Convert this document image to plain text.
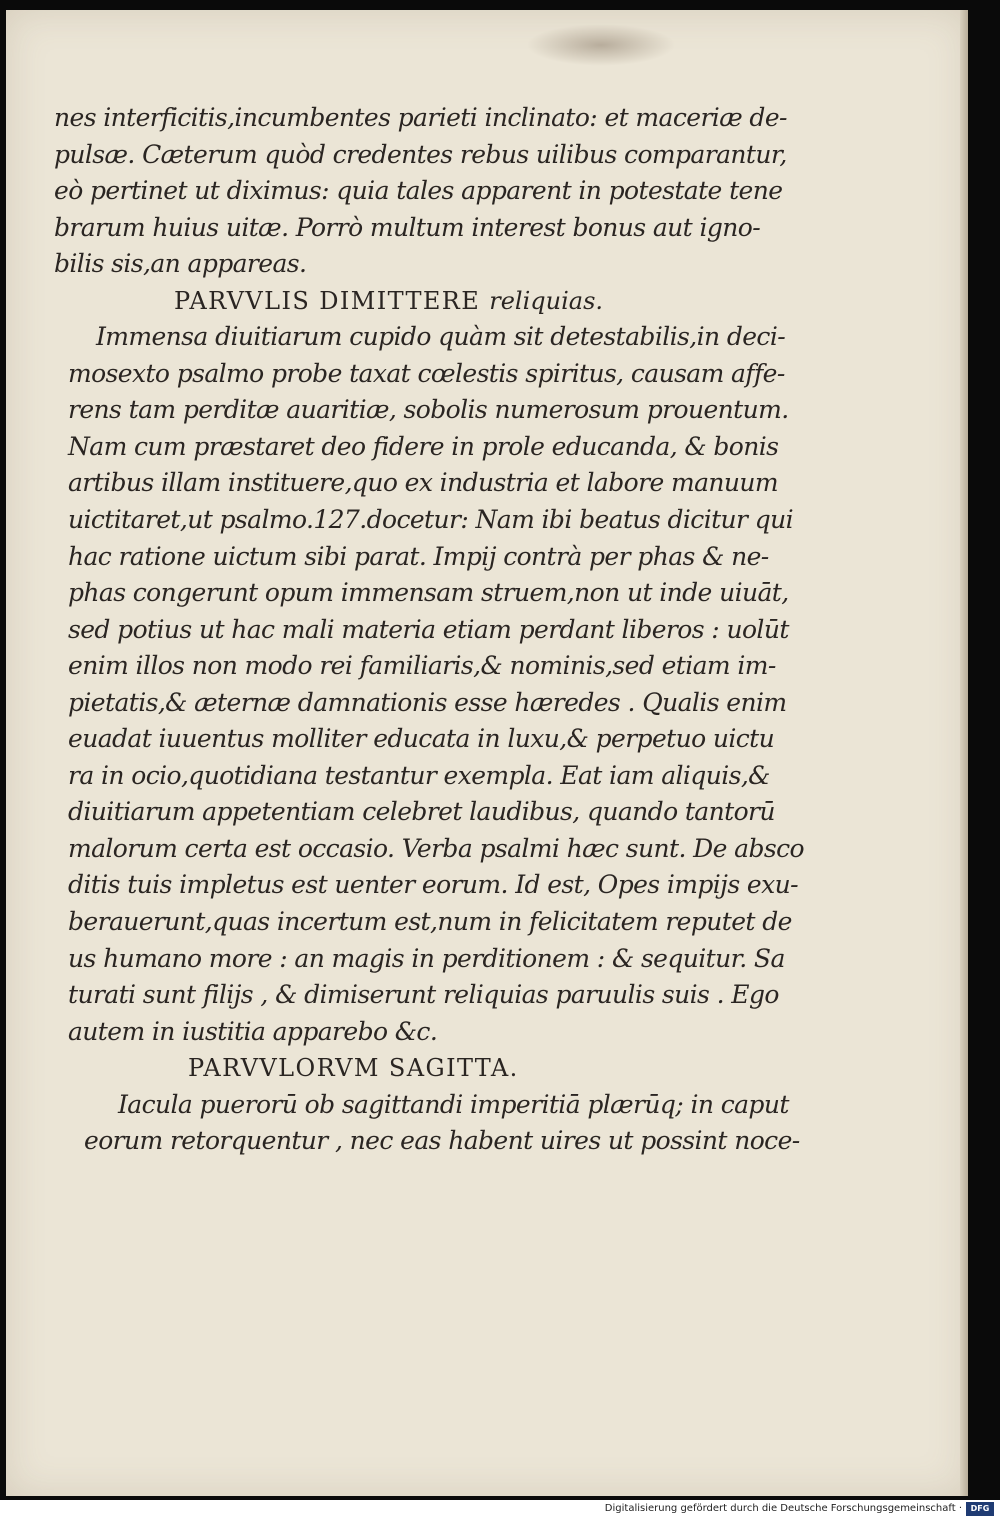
nes interficitis,incumbentes parieti inclinato: et maceriæ de-
pulsæ. Cæterum quòd credentes rebus uilibus comparantur,
eò pertinet ut diximus: quia tales apparent in potestate tene
brarum huius uitæ. Porrò multum interest bonus aut igno-
bilis sis,an appareas.
PARVVLIS DIMITTERE reliquias.
Immensa diuitiarum cupido quàm sit detestabilis,in deci-
mosexto psalmo probe taxat cœlestis spiritus, causam affe-
rens tam perditæ auaritiæ, sobolis numerosum prouentum.
Nam cum præstaret deo fidere in prole educanda, & bonis
artibus illam instituere,quo ex industria et labore manuum
uictitaret,ut psalmo.127.docetur: Nam ibi beatus dicitur qui
hac ratione uictum sibi parat. Impij contrà per phas & ne-
phas congerunt opum immensam struem,non ut inde uiuāt,
sed potius ut hac mali materia etiam perdant liberos : uolūt
enim illos non modo rei familiaris,& nominis,sed etiam im-
pietatis,& æternæ damnationis esse hæredes . Qualis enim
euadat iuuentus molliter educata in luxu,& perpetuo uictu
ra in ocio,quotidiana testantur exempla. Eat iam aliquis,&
diuitiarum appetentiam celebret laudibus, quando tantorū
malorum certa est occasio. Verba psalmi hæc sunt. De absco
ditis tuis impletus est uenter eorum. Id est, Opes impijs exu-
berauerunt,quas incertum est,num in felicitatem reputet de
us humano more : an magis in perditionem : & sequitur. Sa
turati sunt filijs , & dimiserunt reliquias paruulis suis . Ego
autem in iustitia apparebo &c.
PARVVLORVM SAGITTA.
Iacula puerorū ob sagittandi imperitiā plærūq; in caput
eorum retorquentur , nec eas habent uires ut possint noce-
Digitalisierung gefördert durch die Deutsche Forschungsgemeinschaft ·	DFG
